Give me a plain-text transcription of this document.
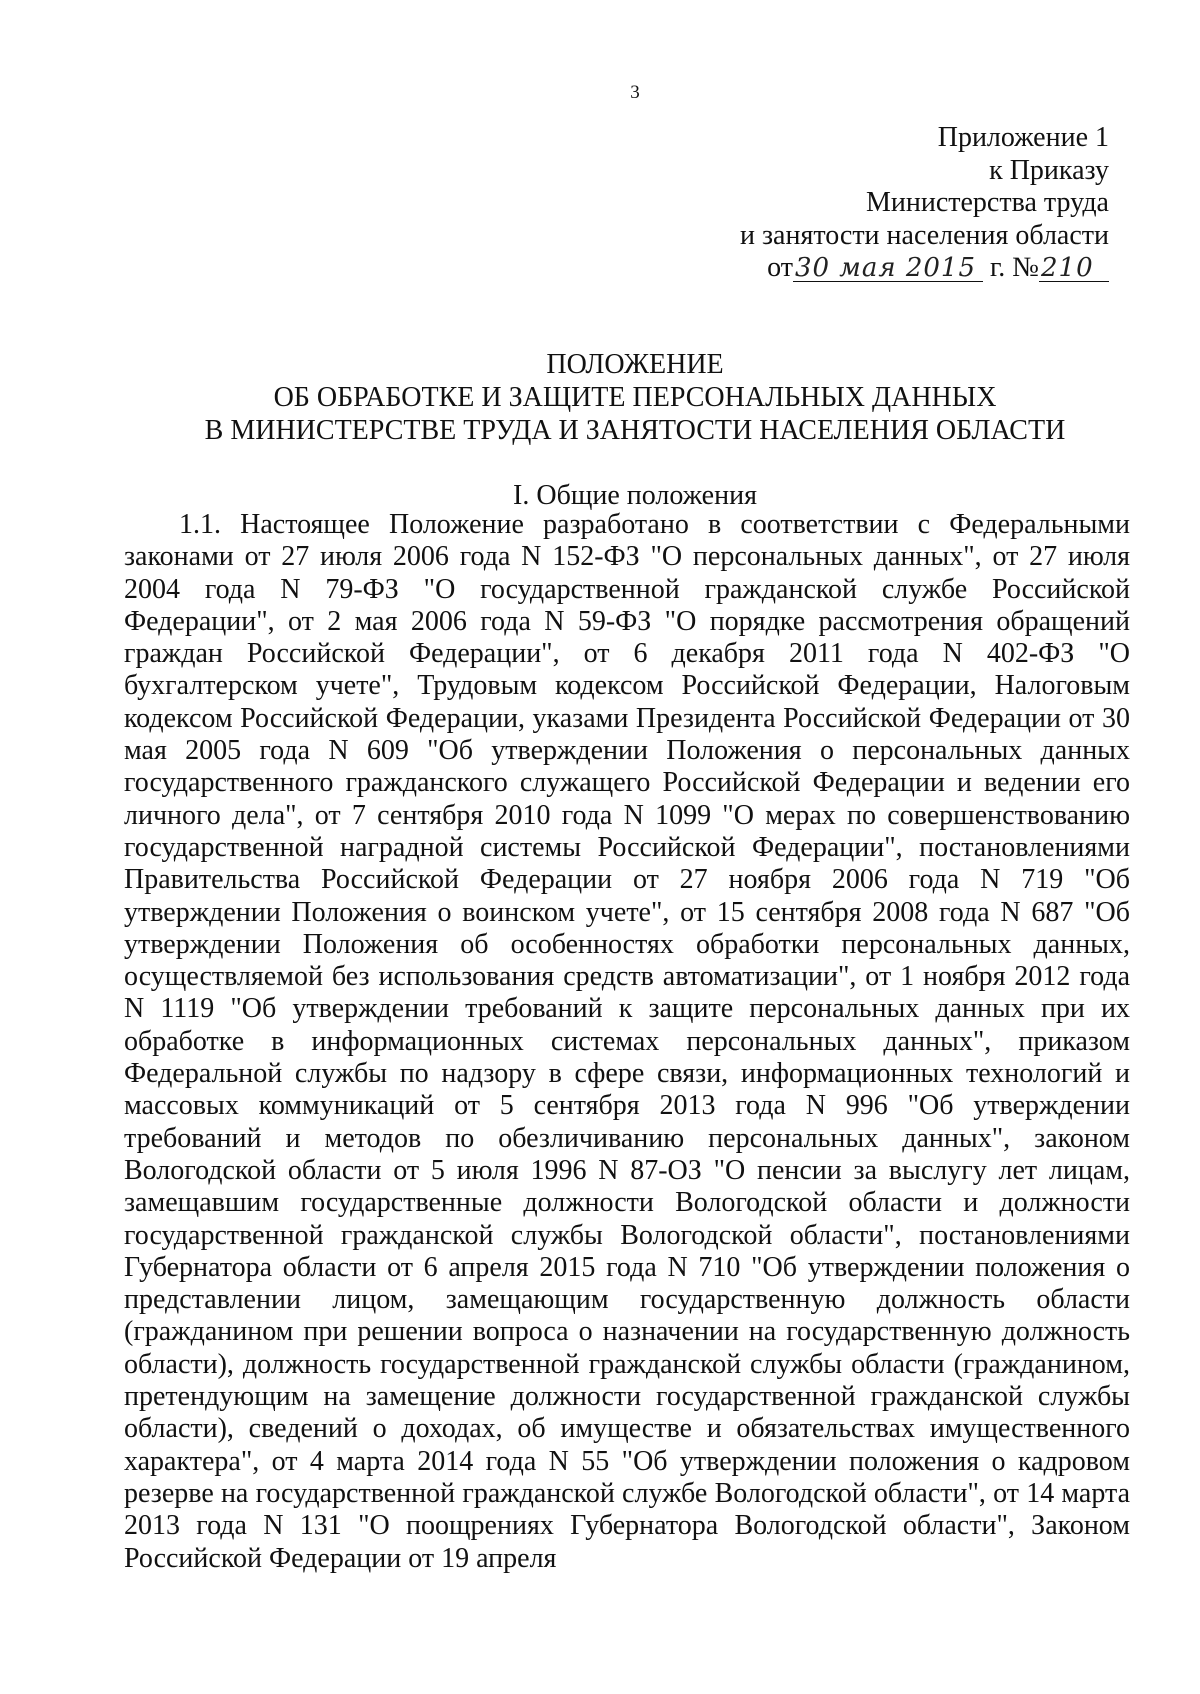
3
Приложение 1
к Приказу
Министерства труда
и занятости населения области
от30 мая 2015 г. №210
ПОЛОЖЕНИЕ
ОБ ОБРАБОТКЕ И ЗАЩИТЕ ПЕРСОНАЛЬНЫХ ДАННЫХ
В МИНИСТЕРСТВЕ ТРУДА И ЗАНЯТОСТИ НАСЕЛЕНИЯ ОБЛАСТИ
I. Общие положения

1.1. Настоящее Положение разработано в соответствии с Федеральными законами от 27 июля 2006 года N 152-ФЗ "О персональных данных", от 27 июля 2004 года N 79-ФЗ "О государственной гражданской службе Российской Федерации", от 2 мая 2006 года N 59-ФЗ "О порядке рассмотрения обращений граждан Российской Федерации", от 6 декабря 2011 года N 402-ФЗ "О бухгалтерском учете", Трудовым кодексом Российской Федерации, Налоговым кодексом Российской Федерации, указами Президента Российской Федерации от 30 мая 2005 года N 609 "Об утверждении Положения о персональных данных государственного гражданского служащего Российской Федерации и ведении его личного дела", от 7 сентября 2010 года N 1099 "О мерах по совершенствованию государственной наградной системы Российской Федерации", постановлениями Правительства Российской Федерации от 27 ноября 2006 года N 719 "Об утверждении Положения о воинском учете", от 15 сентября 2008 года N 687 "Об утверждении Положения об особенностях обработки персональных данных, осуществляемой без использования средств автоматизации", от 1 ноября 2012 года N 1119 "Об утверждении требований к защите персональных данных при их обработке в информационных системах персональных данных", приказом Федеральной службы по надзору в сфере связи, информационных технологий и массовых коммуникаций от 5 сентября 2013 года N 996 "Об утверждении требований и методов по обезличиванию персональных данных", законом Вологодской области от 5 июля 1996 N 87-ОЗ "О пенсии за выслугу лет лицам, замещавшим государственные должности Вологодской области и должности государственной гражданской службы Вологодской области", постановлениями Губернатора области от 6 апреля 2015 года N 710 "Об утверждении положения о представлении лицом, замещающим государственную должность области (гражданином при решении вопроса о назначении на государственную должность области), должность государственной гражданской службы области (гражданином, претендующим на замещение должности государственной гражданской службы области), сведений о доходах, об имуществе и обязательствах имущественного характера", от 4 марта 2014 года N 55 "Об утверждении положения о кадровом резерве на государственной гражданской службе Вологодской области", от 14 марта 2013 года N 131 "О поощрениях Губернатора Вологодской области", Законом Российской Федерации от 19 апреля
